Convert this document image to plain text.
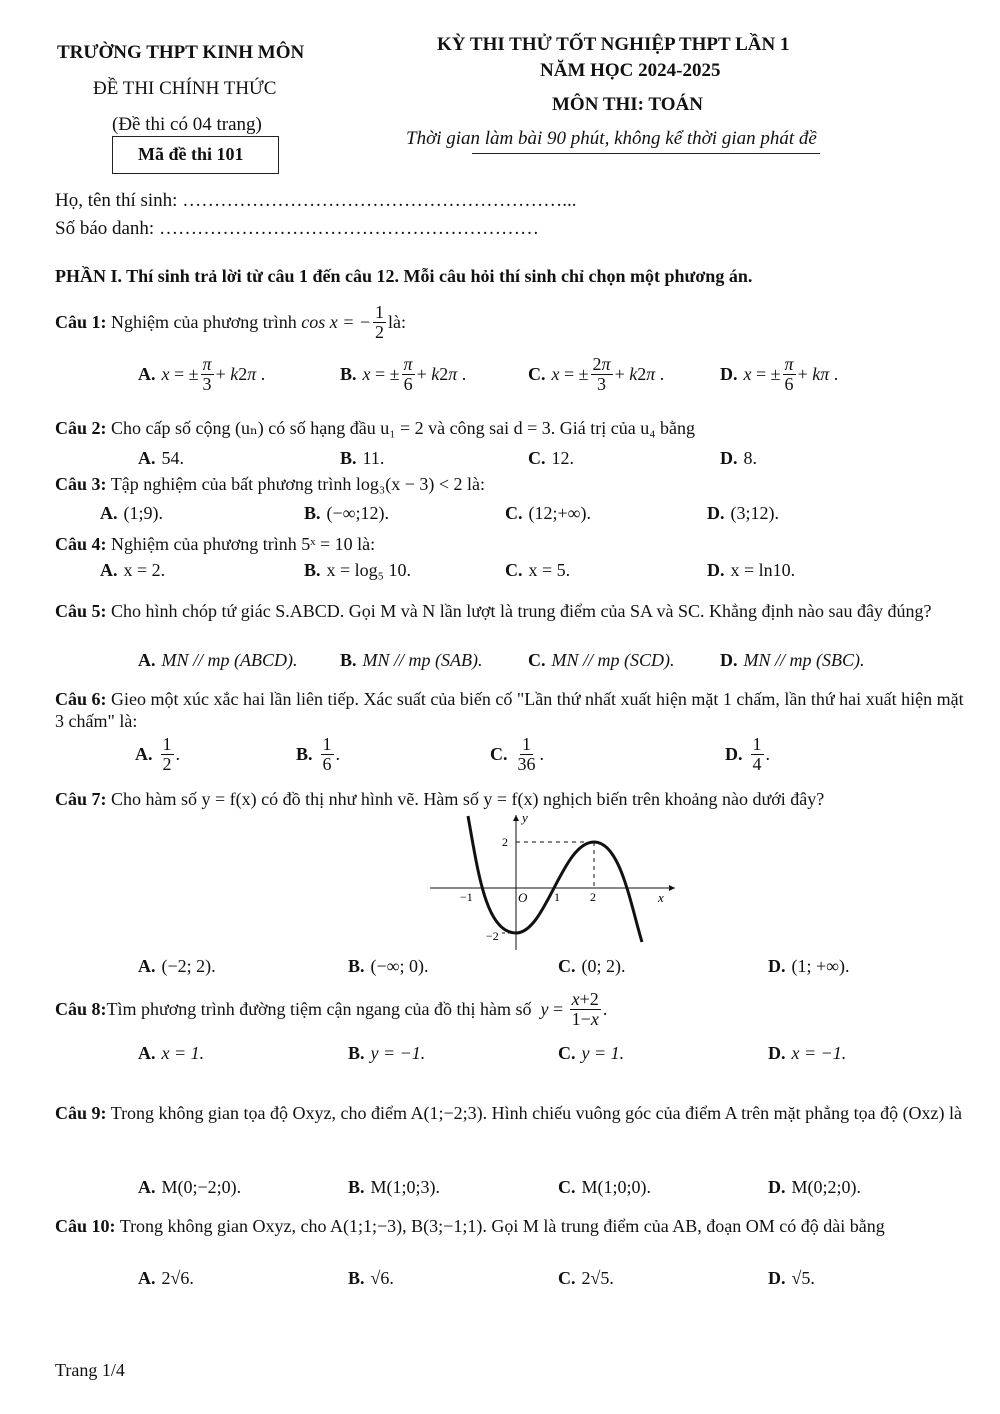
TRƯỜNG THPT KINH MÔN
ĐỀ THI CHÍNH THỨC
(Đề thi có 04 trang)
Mã đề thi 101
KỲ THI THỬ TỐT NGHIỆP THPT LẦN 1
NĂM HỌC 2024-2025
MÔN THI: TOÁN
Thời gian làm bài 90 phút, không kể thời gian phát đề
Họ, tên thí sinh: ……………………………………………………...
Số báo danh: ……………………………………………………
PHẦN I. Thí sinh trả lời từ câu 1 đến câu 12. Mỗi câu hỏi thí sinh chỉ chọn một phương án.
Câu 1:
Nghiệm của phương trình
cos x = − $\frac{1}{2}$ là:
A. x = ± $\frac{\pi}{3} + k$ 2 π .	B. x = ± $\frac{\pi}{6} + k$ 2 π .	C. x = ± $\frac{2\pi}{3} + k$ 2 π .	D. x = ± $\frac{\pi}{6} + k$ π .
Câu 2: Cho cấp số cộng (uₙ) có số hạng đầu u₁ = 2 và công sai d = 3. Giá trị của u₄ bằng
A. 54.	B. 11.	C. 12.	D. 8.
Câu 3: Tập nghiệm của bất phương trình log₃(x − 3) < 2 là:
A. (1;9).	B. (−∞;12).	C. (12;+∞).	D. (3;12).
Câu 4: Nghiệm của phương trình 5ˣ = 10 là:
A. x = 2.	B. x = log₅ 10.	C. x = 5.	D. x = ln10.
Câu 5: Cho hình chóp tứ giác S.ABCD. Gọi M và N lần lượt là trung điểm của SA và SC. Khẳng định nào sau đây đúng?
A. MN // mp (ABCD). B. MN // mp (SAB).	C. MN // mp (SCD).	D. MN // mp (SBC).
Câu 6: Gieo một xúc xắc hai lần liên tiếp. Xác suất của biến cố "Lần thứ nhất xuất hiện mặt 1 chấm, lần thứ hai xuất hiện mặt 3 chấm" là:
A. $\frac{1}{2}$ .	B. $\frac{1}{6}$ .	C. $\frac{1}{36}$ .	D. $\frac{1}{4}$ .
Câu 7: Cho hàm số y = f(x) có đồ thị như hình vẽ. Hàm số y = f(x) nghịch biến trên khoảng nào dưới đây?
y
x
O
−1	1	2
2
−2
A. (−2; 2).	B. (−∞; 0).	C. (0; 2).	D. (1; +∞).
Câu 8: Tìm phương trình đường tiệm cận ngang của đồ thị hàm số
$y = \frac{x+2}{1-x}$ .
A. x = 1.	B. y = −1.	C. y = 1.	D. x = −1.
Câu 9: Trong không gian tọa độ Oxyz, cho điểm A(1;−2;3). Hình chiếu vuông góc của điểm A trên mặt phẳng tọa độ (Oxz) là
A. M(0;−2;0).	B. M(1;0;3).	C. M(1;0;0).	D. M(0;2;0).
Câu 10: Trong không gian Oxyz, cho A(1;1;−3), B(3;−1;1). Gọi M là trung điểm của AB, đoạn OM có độ dài bằng
A. 2√6.	B. √6.	C. 2√5.	D. √5.
Trang 1/4
